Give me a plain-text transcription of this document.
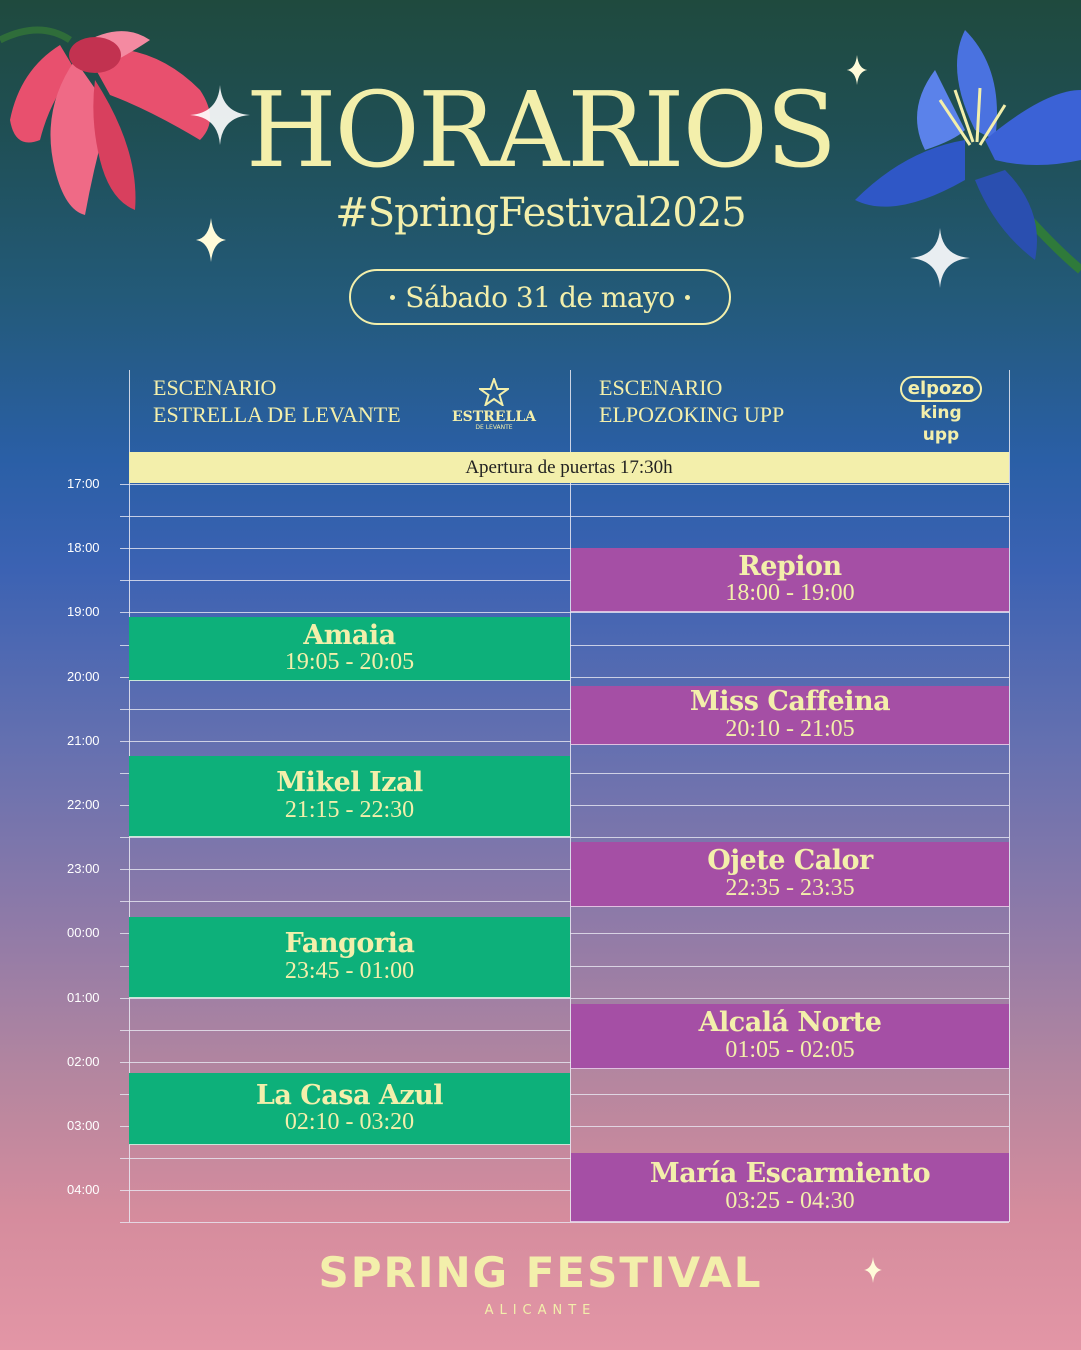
HORARIOS
#SpringFestival2025
Sábado 31 de mayo
ESCENARIO
ESTRELLA DE LEVANTE	ESTRELLA
DE LEVANTE
ESCENARIO
ELPOZOKING UPP
elpozo
king upp
17:00
18:00
19:00
20:00
21:00
22:00
23:00
00:00
01:00
02:00
03:00
04:00
Apertura de puertas 17:30h
Amaia
19:05 - 20:05
Mikel Izal
21:15 - 22:30
Fangoria
23:45 - 01:00
La Casa Azul
02:10 - 03:20
Repion
18:00 - 19:00
Miss Caffeina
20:10 - 21:05
Ojete Calor
22:35 - 23:35
Alcalá Norte
01:05 - 02:05
María Escarmiento
03:25 - 04:30
SPRING FESTIVAL
ALICANTE
